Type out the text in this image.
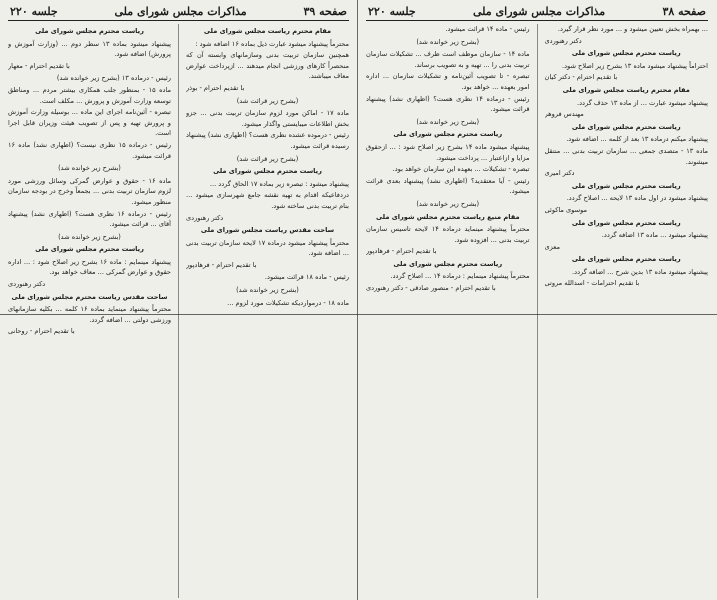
صفحه ۳۹
مذاکرات مجلس شورای ملی
جلسه ۲۲۰

مقام محترم ریاست مجلس شورای ملی

محترماً پیشنهاد میشود عبارت ذیل بماده ۱۶ اضافه شود :

همچنین سازمان تربیت بدنی وسازمانهای وابسته آن که منحصراً کارهای ورزشی انجام میدهند ... ازپرداخت عوارض معاف میباشند.

با تقدیم احترام - بوذر

(بشرح زیر قرائت شد)

ماده ۱۷ - اماکن مورد لزوم سازمان تربیت بدنی ... جزو بخش اطلاعات میبایستی واگذار میشود.

رئیس - درموده‌ عشده نظری هست؟ (اظهاری نشد) پیشنهاد رسیده قرائت میشود.

(بشرح زیر قرائت شد)

ریاست محترم مجلس شورای ملی

پیشنهاد میشود : تبصره زیر بماده ۱۷ الحاق گردد ...

دردفاعیکه اقدام به تهیه نقشه جامع شهرسازی میشود ... بنام تربیت بدنی ساخته شود.

دکتر رهنوردی

ساحت مقدس ریاست مجلس شورای ملی

محترماً پیشنهاد میشود درماده ۱۷ لایحه سازمان تربیت بدنی ... اضافه شود.

با تقدیم احترام - فرهادپور

رئیس - ماده ۱۸ قرائت میشود.

(بشرح زیر خوانده شد)

ماده ۱۸ - درمواردیکه تشکیلات مورد لزوم ...

ریاست محترم مجلس شورای ملی

پیشنهاد میشود بماده ۱۳ سطر دوم ... (وزارت آموزش و پرورش) اضافه شود.

با تقدیم احترام - معهار

رئیس - درماده ۱۳ (بشرح زیر خوانده شد)

ماده ۱۵ - بمنظور جلب همکاری بیشتر مردم ... ومناطق توسعه وزارت آموزش و پرورش ... مکلف است.

تبصره - آئین‌نامه اجرای این ماده ... بوسیله وزارت آموزش و پرورش تهیه و پس از تصویب هیئت وزیران قابل اجرا است.

رئیس - درماده ۱۵ نظری نیست؟ (اظهاری نشد) ماده ۱۶ قرائت میشود.

(بشرح زیر خوانده شد)

ماده ۱۶ - حقوق و عوارض گمرکی وسائل ورزشی مورد لزوم سازمان تربیت بدنی ... بجمعاً وخرج در بودجه سازمان منظور میشود.

رئیس - درماده ۱۶ نظری هست؟ (اظهاری نشد) پیشنهاد آقای ... قرائت میشود.

(بشرح زیر خوانده شد)

ریاست محترم مجلس شورای ملی

پیشنهاد مینمایم : ماده ۱۶ بشرح زیر اصلاح شود : ... اداره حقوق و عوارض گمرکی ... معاف خواهد بود.

دکتر رهنوردی

ساحت مقدس ریاست محترم مجلس شورای ملی

محترماً پیشنهاد مینماید بماده ۱۶ کلمه ... بکلیه سازمانهای ورزشی دولتی ... اضافه گردد.

با تقدیم احترام - روحانی

صفحه ۳۸
مذاکرات مجلس شورای ملی
جلسه ۲۲۰

... بهمراه بخش تعیین میشود و ... مورد نظر قرار گیرد.

دکتر رهنوردی

ریاست محترم مجلس شورای ملی

احتراماً پیشنهاد میشود ماده ۱۳ بشرح زیر اصلاح شود.

با تقدیم احترام - دکتر کیان

مقام محترم ریاست مجلس شورای ملی

پیشنهاد میشود عبارت ... از ماده ۱۳ حذف گردد.

مهندس فروهر

ریاست محترم مجلس شورای ملی

پیشنهاد میکنم درماده ۱۳ بعد از کلمه ... اضافه شود.

ماده ۱۳ - متصدی جمعی ... سازمان تربیت بدنی ... منتقل میشوند.

دکتر امیری

ریاست محترم مجلس شورای ملی

پیشنهاد میشود در اول ماده ۱۳ لایحه ... اصلاح گردد.

موسوی ماکوئی

ریاست محترم مجلس شورای ملی

پیشنهاد میشود ... ماده ۱۳ اضافه گردد.

معزی

ریاست محترم مجلس شورای ملی

پیشنهاد میشود ماده ۱۳ بدین شرح ... اضافه گردد.

با تقدیم احترامات - اسدالله مروتی

رئیس - ماده ۱۴ قرائت میشود.

(بشرح زیر خوانده شد)

ماده ۱۴ - سازمان موظف است ظرف ... تشکیلات سازمان تربیت بدنی را ... تهیه و به تصویب برساند.

تبصره - تا تصویب آئین‌نامه و تشکیلات سازمان ... اداره امور بعهده ... خواهد بود.

رئیس - درماده ۱۴ نظری هست؟ (اظهاری نشد) پیشنهاد قرائت میشود.

(بشرح زیر خوانده شد)

ریاست محترم مجلس شورای ملی

پیشنهاد میشود ماده ۱۴ بشرح زیر اصلاح شود : ... ازحقوق مزایا و ازاعتبار ... پرداخت میشود.

تبصره - تشکیلات ... بعهده این سازمان خواهد بود.

رئیس - آیا معتقدید؟ (اظهاری نشد) پیشنهاد بعدی قرائت میشود.

(بشرح زیر خوانده شد)

مقام منیع ریاست محترم مجلس شورای ملی

محترماً پیشنهاد مینماید درماده ۱۴ لایحه تاسیس سازمان تربیت بدنی ... افزوده شود.

با تقدیم احترام - فرهادپور

ریاست محترم مجلس شورای ملی

محترماً پیشنهاد مینمایم : درماده ۱۴ ... اصلاح گردد.

با تقدیم احترام - منصور صادقی - دکتر رهنوردی
